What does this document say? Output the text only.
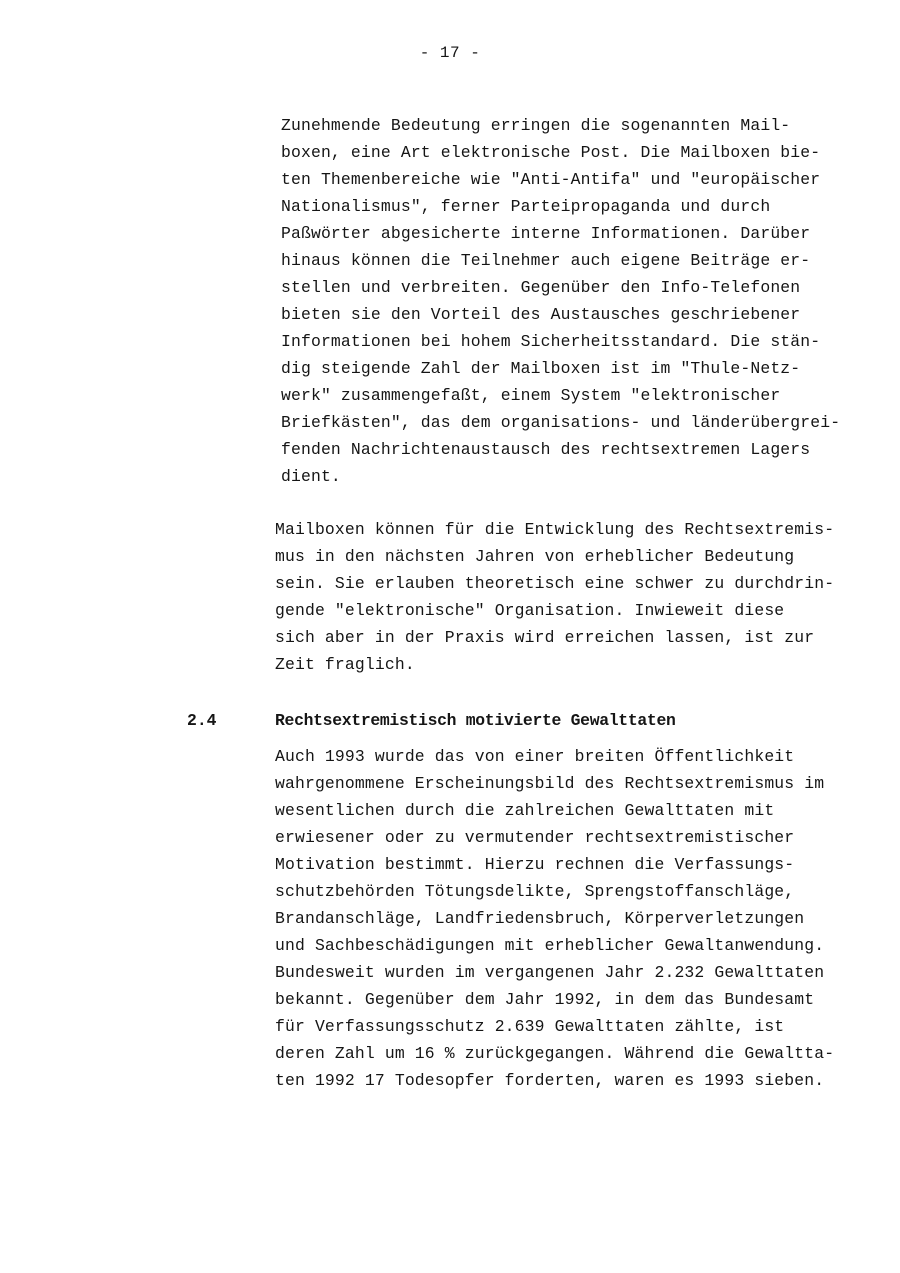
- 17 -
Zunehmende Bedeutung erringen die sogenannten Mail-
boxen, eine Art elektronische Post. Die Mailboxen bie-
ten Themenbereiche wie "Anti-Antifa" und "europäischer
Nationalismus", ferner Parteipropaganda und durch
Paßwörter abgesicherte interne Informationen. Darüber
hinaus können die Teilnehmer auch eigene Beiträge er-
stellen und verbreiten. Gegenüber den Info-Telefonen
bieten sie den Vorteil des Austausches geschriebener
Informationen bei hohem Sicherheitsstandard. Die stän-
dig steigende Zahl der Mailboxen ist im "Thule-Netz-
werk" zusammengefaßt, einem System "elektronischer
Briefkästen", das dem organisations- und länderübergrei-
fenden Nachrichtenaustausch des rechtsextremen Lagers
dient.
Mailboxen können für die Entwicklung des Rechtsextremis-
mus in den nächsten Jahren von erheblicher Bedeutung
sein. Sie erlauben theoretisch eine schwer zu durchdrin-
gende "elektronische" Organisation. Inwieweit diese
sich aber in der Praxis wird erreichen lassen, ist zur
Zeit fraglich.
2.4	Rechtsextremistisch motivierte Gewalttaten
Auch 1993 wurde das von einer breiten Öffentlichkeit
wahrgenommene Erscheinungsbild des Rechtsextremismus im
wesentlichen durch die zahlreichen Gewalttaten mit
erwiesener oder zu vermutender rechtsextremistischer
Motivation bestimmt. Hierzu rechnen die Verfassungs-
schutzbehörden Tötungsdelikte, Sprengstoffanschläge,
Brandanschläge, Landfriedensbruch, Körperverletzungen
und Sachbeschädigungen mit erheblicher Gewaltanwendung.
Bundesweit wurden im vergangenen Jahr 2.232 Gewalttaten
bekannt. Gegenüber dem Jahr 1992, in dem das Bundesamt
für Verfassungsschutz 2.639 Gewalttaten zählte, ist
deren Zahl um 16 % zurückgegangen. Während die Gewaltta-
ten 1992 17 Todesopfer forderten, waren es 1993 sieben.
